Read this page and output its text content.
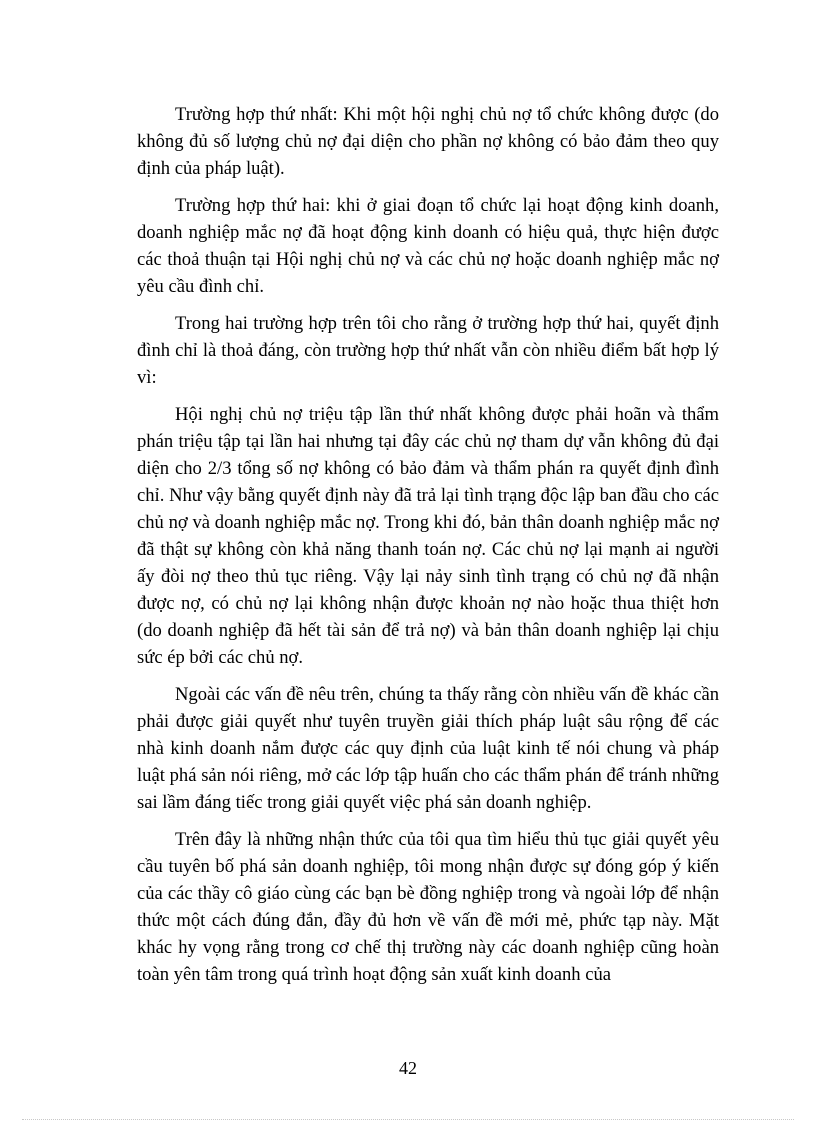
Trường hợp thứ nhất: Khi một hội nghị chủ nợ tổ chức không được (do không đủ số lượng chủ nợ đại diện cho phần nợ không có bảo đảm theo quy định của pháp luật).

Trường hợp thứ hai: khi ở giai đoạn tổ chức lại hoạt động kinh doanh, doanh nghiệp mắc nợ đã hoạt động kinh doanh có hiệu quả, thực hiện được các thoả thuận tại Hội nghị chủ nợ và các chủ nợ hoặc doanh nghiệp mắc nợ yêu cầu đình chỉ.

Trong hai trường hợp trên tôi cho rằng ở trường hợp thứ hai, quyết định đình chỉ là thoả đáng, còn trường hợp thứ nhất vẫn còn nhiều điểm bất hợp lý vì:

Hội nghị chủ nợ triệu tập lần thứ nhất không được phải hoãn và thẩm phán triệu tập tại lần hai nhưng tại đây các chủ nợ tham dự vẫn không đủ đại diện cho 2/3 tổng số nợ không có bảo đảm và thẩm phán ra quyết định đình chỉ. Như vậy bằng quyết định này đã trả lại tình trạng độc lập ban đầu cho các chủ nợ và doanh nghiệp mắc nợ. Trong khi đó, bản thân doanh nghiệp mắc nợ đã thật sự không còn khả năng thanh toán nợ. Các chủ nợ lại mạnh ai người ấy đòi nợ theo thủ tục riêng. Vậy lại nảy sinh tình trạng có chủ nợ đã nhận được nợ, có chủ nợ lại không nhận được khoản nợ nào hoặc thua thiệt hơn (do doanh nghiệp đã hết tài sản để trả nợ) và bản thân doanh nghiệp lại chịu sức ép bởi các chủ nợ.

Ngoài các vấn đề nêu trên, chúng ta thấy rằng còn nhiều vấn đề khác cần phải được giải quyết như tuyên truyền giải thích pháp luật sâu rộng để các nhà kinh doanh nắm được các quy định của luật kinh tế nói chung và pháp luật phá sản nói riêng, mở các lớp tập huấn cho các thẩm phán để tránh những sai lầm đáng tiếc trong giải quyết việc phá sản doanh nghiệp.

Trên đây là những nhận thức của tôi qua tìm hiểu thủ tục giải quyết yêu cầu tuyên bố phá sản doanh nghiệp, tôi mong nhận được sự đóng góp ý kiến của các thầy cô giáo cùng các bạn bè đồng nghiệp trong và ngoài lớp để nhận thức một cách đúng đắn, đầy đủ hơn về vấn đề mới mẻ, phức tạp này. Mặt khác hy vọng rằng trong cơ chế thị trường này các doanh nghiệp cũng hoàn toàn yên tâm trong quá trình hoạt động sản xuất kinh doanh của

42
